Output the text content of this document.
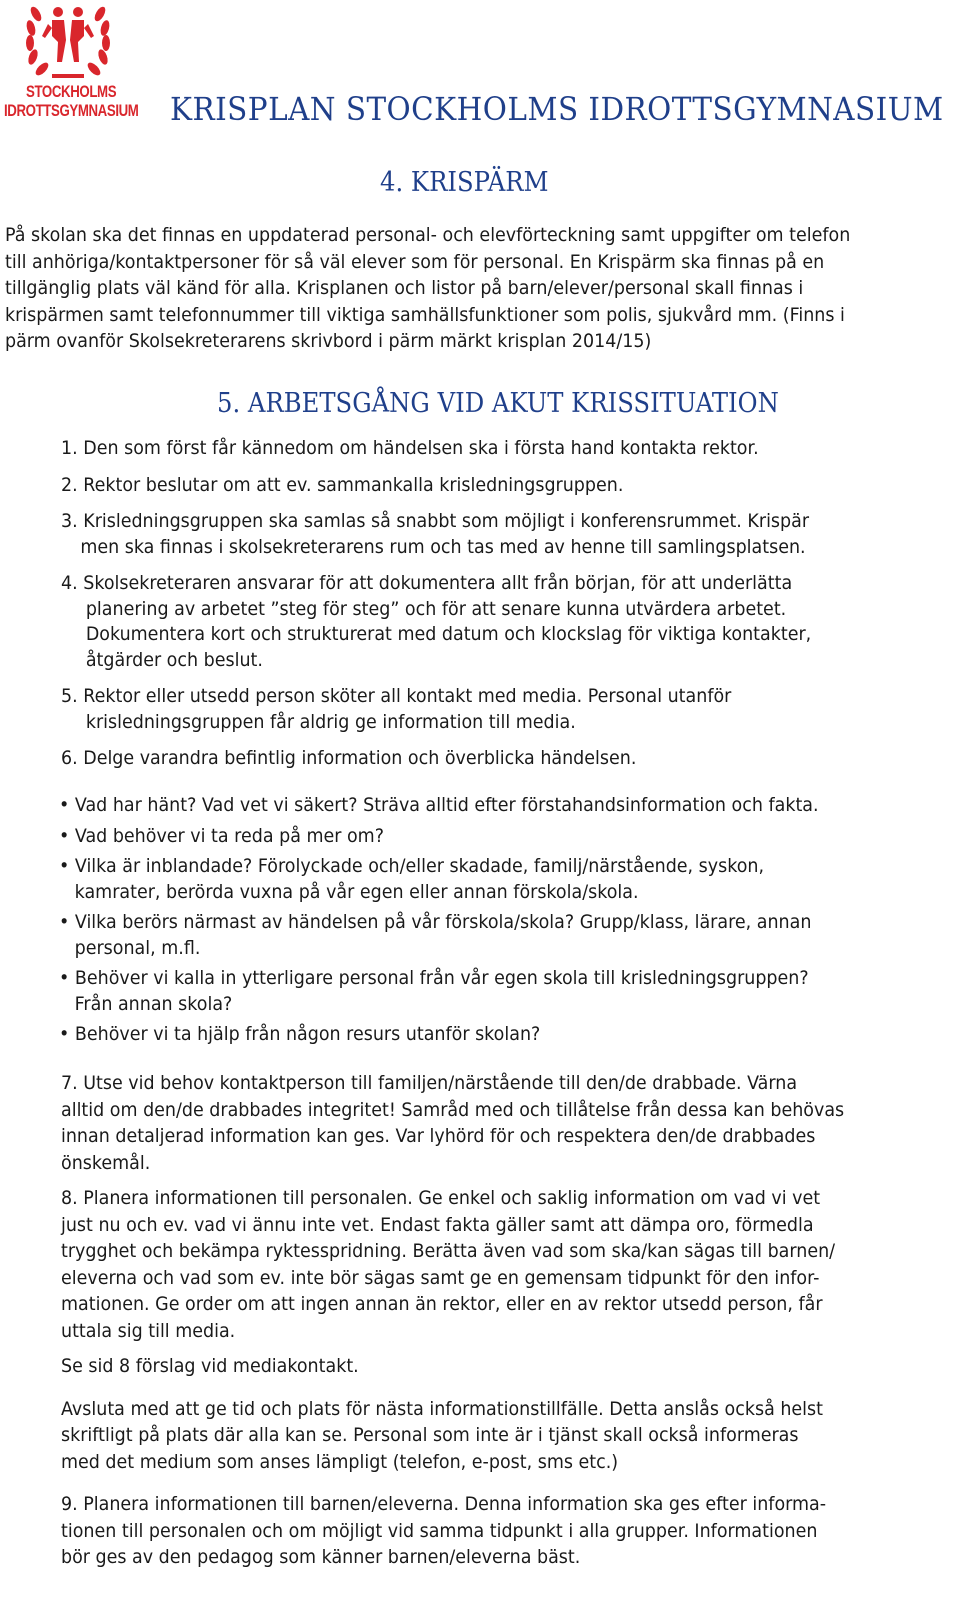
STOCKHOLMS
IDROTTSGYMNASIUM KRISPLAN STOCKHOLMS IDROTTSGYMNASIUM
4. KRISPÄRM
På skolan ska det finnas en uppdaterad personal- och elevförteckning samt uppgifter om telefon
till anhöriga/kontaktpersoner för så väl elever som för personal. En Krispärm ska finnas på en
tillgänglig plats väl känd för alla. Krisplanen och listor på barn/elever/personal skall finnas i
krispärmen samt telefonnummer till viktiga samhällsfunktioner som polis, sjukvård mm. (Finns i
pärm ovanför Skolsekreterarens skrivbord i pärm märkt krisplan 2014/15)
5. ARBETSGÅNG VID AKUT KRISSITUATION
1. Den som först får kännedom om händelsen ska i första hand kontakta rektor.
2. Rektor beslutar om att ev. sammankalla krisledningsgruppen.
3. Krisledningsgruppen ska samlas så snabbt som möjligt i konferensrummet. Krispär
men ska finnas i skolsekreterarens rum och tas med av henne till samlingsplatsen.
4. Skolsekreteraren ansvarar för att dokumentera allt från början, för att underlätta
planering av arbetet ”steg för steg” och för att senare kunna utvärdera arbetet.
Dokumentera kort och strukturerat med datum och klockslag för viktiga kontakter,
åtgärder och beslut.
5. Rektor eller utsedd person sköter all kontakt med media. Personal utanför
krisledningsgruppen får aldrig ge information till media.
6. Delge varandra befintlig information och överblicka händelsen.
• Vad har hänt? Vad vet vi säkert? Sträva alltid efter förstahandsinformation och fakta.
• Vad behöver vi ta reda på mer om?
• Vilka är inblandade? Förolyckade och/eller skadade, familj/närstående, syskon,
kamrater, berörda vuxna på vår egen eller annan förskola/skola.
• Vilka berörs närmast av händelsen på vår förskola/skola? Grupp/klass, lärare, annan
personal, m.fl.
• Behöver vi kalla in ytterligare personal från vår egen skola till krisledningsgruppen?
Från annan skola?
• Behöver vi ta hjälp från någon resurs utanför skolan?
7. Utse vid behov kontaktperson till familjen/närstående till den/de drabbade. Värna
alltid om den/de drabbades integritet! Samråd med och tillåtelse från dessa kan behövas
innan detaljerad information kan ges. Var lyhörd för och respektera den/de drabbades
önskemål.
8. Planera informationen till personalen. Ge enkel och saklig information om vad vi vet
just nu och ev. vad vi ännu inte vet. Endast fakta gäller samt att dämpa oro, förmedla
trygghet och bekämpa ryktesspridning. Berätta även vad som ska/kan sägas till barnen/
eleverna och vad som ev. inte bör sägas samt ge en gemensam tidpunkt för den infor-
mationen. Ge order om att ingen annan än rektor, eller en av rektor utsedd person, får
uttala sig till media.
Se sid 8 förslag vid mediakontakt.
Avsluta med att ge tid och plats för nästa informationstillfälle. Detta anslås också helst
skriftligt på plats där alla kan se. Personal som inte är i tjänst skall också informeras
med det medium som anses lämpligt (telefon, e-post, sms etc.)
9. Planera informationen till barnen/eleverna. Denna information ska ges efter informa-
tionen till personalen och om möjligt vid samma tidpunkt i alla grupper. Informationen
bör ges av den pedagog som känner barnen/eleverna bäst.
